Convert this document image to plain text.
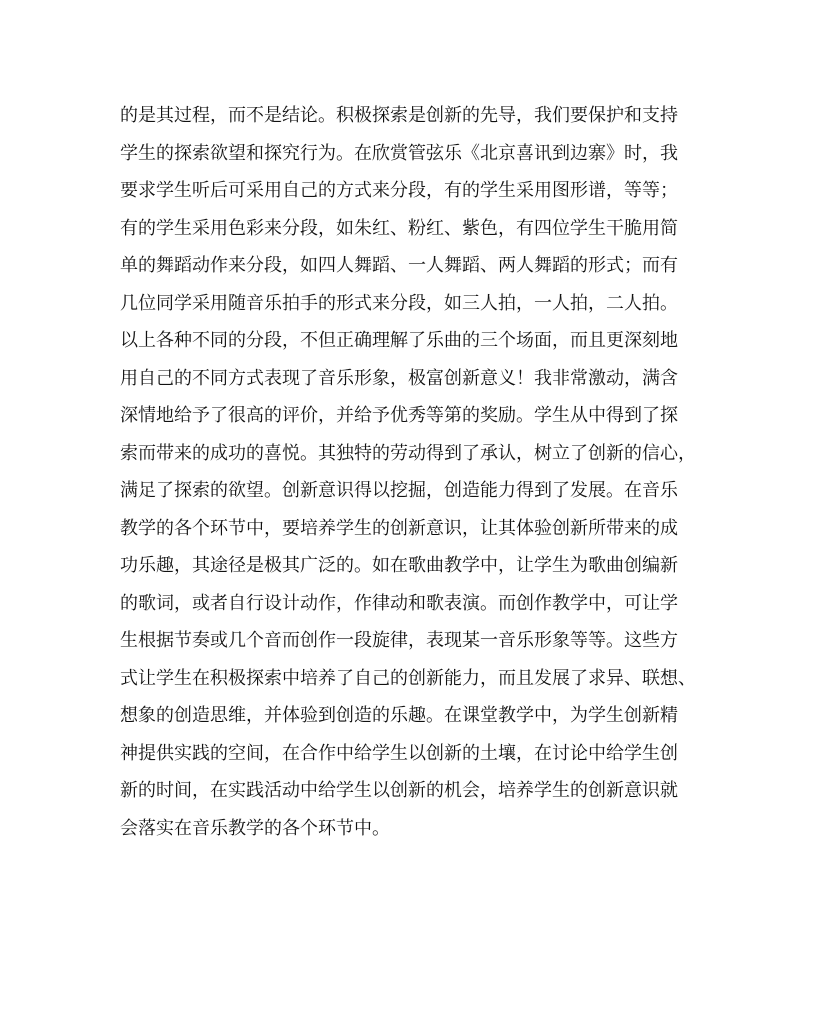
的是其过程，而不是结论。积极探索是创新的先导，我们要保护和支持
学生的探索欲望和探究行为。在欣赏管弦乐《北京喜讯到边寨》时，我
要求学生听后可采用自己的方式来分段，有的学生采用图形谱，等等；
有的学生采用色彩来分段，如朱红、粉红、紫色，有四位学生干脆用简
单的舞蹈动作来分段，如四人舞蹈、一人舞蹈、两人舞蹈的形式；而有
几位同学采用随音乐拍手的形式来分段，如三人拍，一人拍，二人拍。
以上各种不同的分段，不但正确理解了乐曲的三个场面，而且更深刻地
用自己的不同方式表现了音乐形象，极富创新意义！我非常激动，满含
深情地给予了很高的评价，并给予优秀等第的奖励。学生从中得到了探
索而带来的成功的喜悦。其独特的劳动得到了承认，树立了创新的信心，
满足了探索的欲望。创新意识得以挖掘，创造能力得到了发展。在音乐
教学的各个环节中，要培养学生的创新意识，让其体验创新所带来的成
功乐趣，其途径是极其广泛的。如在歌曲教学中，让学生为歌曲创编新
的歌词，或者自行设计动作，作律动和歌表演。而创作教学中，可让学
生根据节奏或几个音而创作一段旋律，表现某一音乐形象等等。这些方
式让学生在积极探索中培养了自己的创新能力，而且发展了求异、联想、
想象的创造思维，并体验到创造的乐趣。在课堂教学中，为学生创新精
神提供实践的空间，在合作中给学生以创新的土壤，在讨论中给学生创
新的时间，在实践活动中给学生以创新的机会，培养学生的创新意识就
会落实在音乐教学的各个环节中。
